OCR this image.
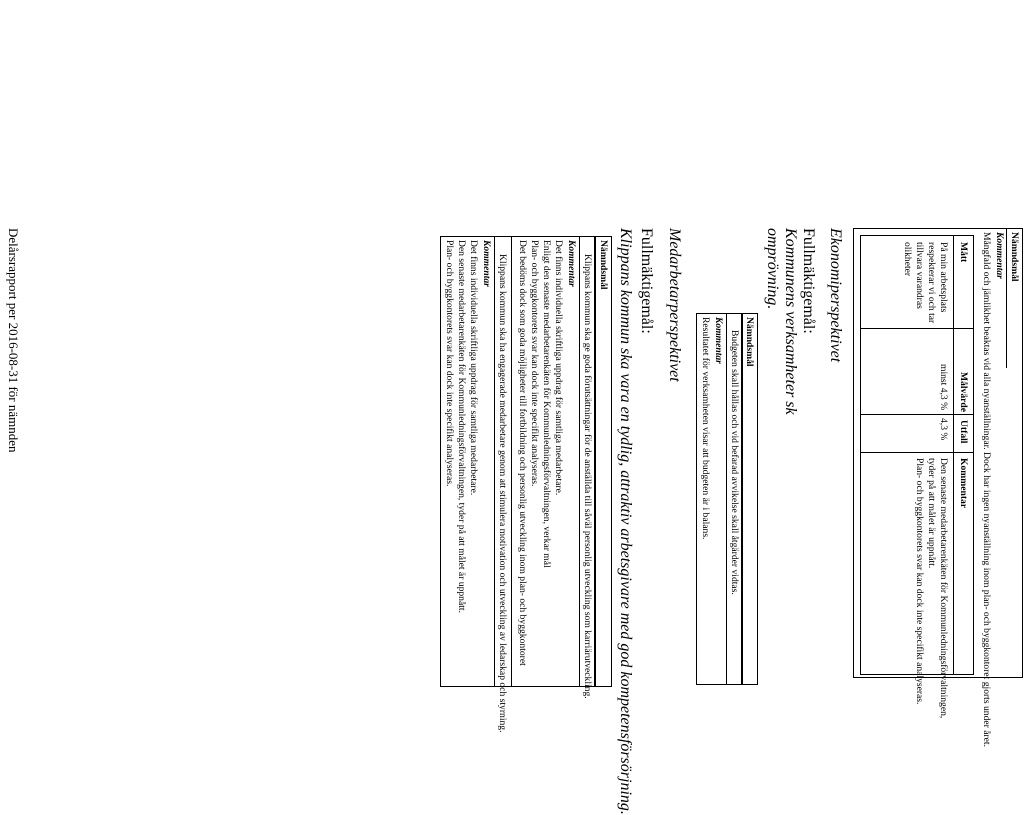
Nämndsmål
Kommentar
Mångfald och jämlikhet beaktas vid alla nyanställningar. Dock har ingen nyanställning inom plan- och byggkontoret gjorts under året.
Mått
Målvärde
Utfall
Kommentar
På min arbetsplats
respekterar vi och tar
tillvara varandras
olikheter
minst 4,3 %
4,3 %
Den senaste medarbetarenkäten för Kommunledningsförvaltningen,
tyder på att målet är uppnått.
Plan- och byggkontorets svar kan dock inte specifikt analyseras.
Ekonomiperspektivet
Fullmäktigemål:
Kommunens verksamheter sk
omprövning.
Nämndsmål
Budgeten skall hållas och vid befarad avvikelse skall åtgärder vidtas.
Kommentar
Resultatet för verksamheten visar att budgeten är i balans.
Medarbetarperspektivet
Fullmäktigemål:
Klippans kommun ska vara en tydlig, attraktiv arbetsgivare med god kompetensförsörjning.
Nämndsmål
Klippans kommun ska ge goda förutsättningar för de anställda till såväl personlig utveckling som karriärutveckling.
Kommentar
Det finns individuella skriftliga uppdrag för samtliga medarbetare.
Enligt den senaste medarbetarenkäten för Kommunledningsförvaltningen, verkar mål
Plan- och byggkontorets svar kan dock inte specifikt analyseras.
Det bedöms dock som goda möjligheter till fortbildning och personlig utveckling inom plan- och byggkontoret
Klippans kommun ska ha engagerade medarbetare genom att stimulera motivation och utveckling av ledarskap och styrning.
Kommentar
Det finns individuella skriftliga uppdrag för samtliga medarbetare.
Den senaste medarbetarenkäten för Kommunledningsförvaltningen, tyder på att målet är uppnått.
Plan- och byggkontorets svar kan dock inte specifikt analyseras.
Delårsrapport per 2016-08-31 för nämnden
